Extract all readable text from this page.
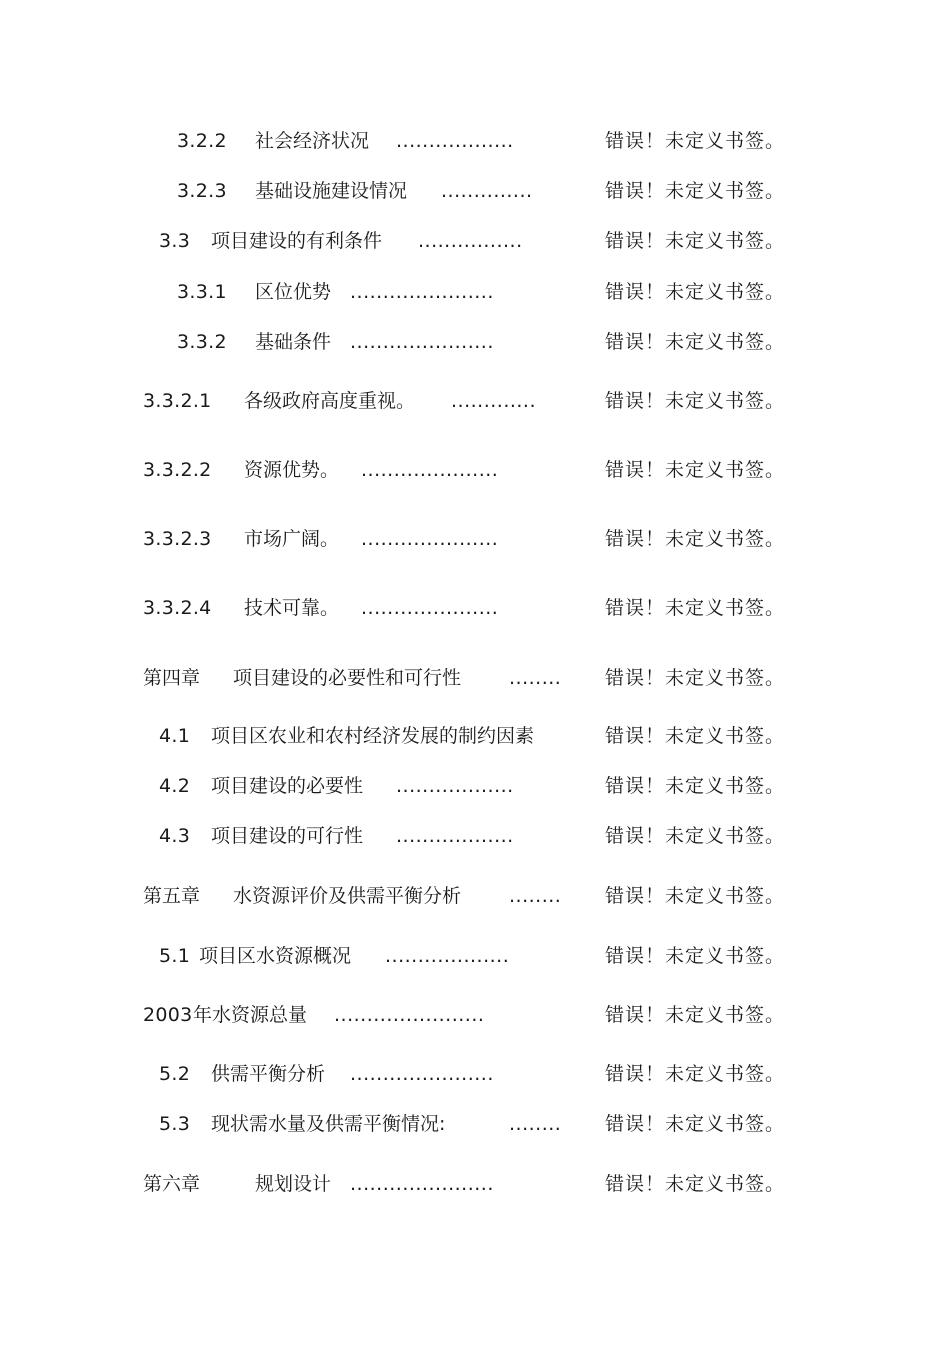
3.2.2 社会经济状况 ..................	错误！未定义书签。
3.2.3 基础设施建设情况 ..............	错误！未定义书签。
3.3 项目建设的有利条件 ................	错误！未定义书签。
3.3.1 区位优势 ......................	错误！未定义书签。
3.3.2 基础条件 ......................	错误！未定义书签。
3.3.2.1 各级政府高度重视。 .............	错误！未定义书签。
3.3.2.2 资源优势。 .....................	错误！未定义书签。
3.3.2.3 市场广阔。 .....................	错误！未定义书签。
3.3.2.4 技术可靠。 .....................	错误！未定义书签。
第四章 项目建设的必要性和可行性	........ 错误！未定义书签。
4.1 项目区农业和农村经济发展的制约因素	错误！未定义书签。
4.2 项目建设的必要性 ..................	错误！未定义书签。
4.3 项目建设的可行性 ..................	错误！未定义书签。
第五章 水资源评价及供需平衡分析	........ 错误！未定义书签。
5.1 项目区水资源概况 ...................	错误！未定义书签。
2003 年水资源总量 .......................	错误！未定义书签。
5.2 供需平衡分析 ......................	错误！未定义书签。
5.3 现状需水量及供需平衡情况:	........ 错误！未定义书签。
第六章	规划设计 ......................	错误！未定义书签。
